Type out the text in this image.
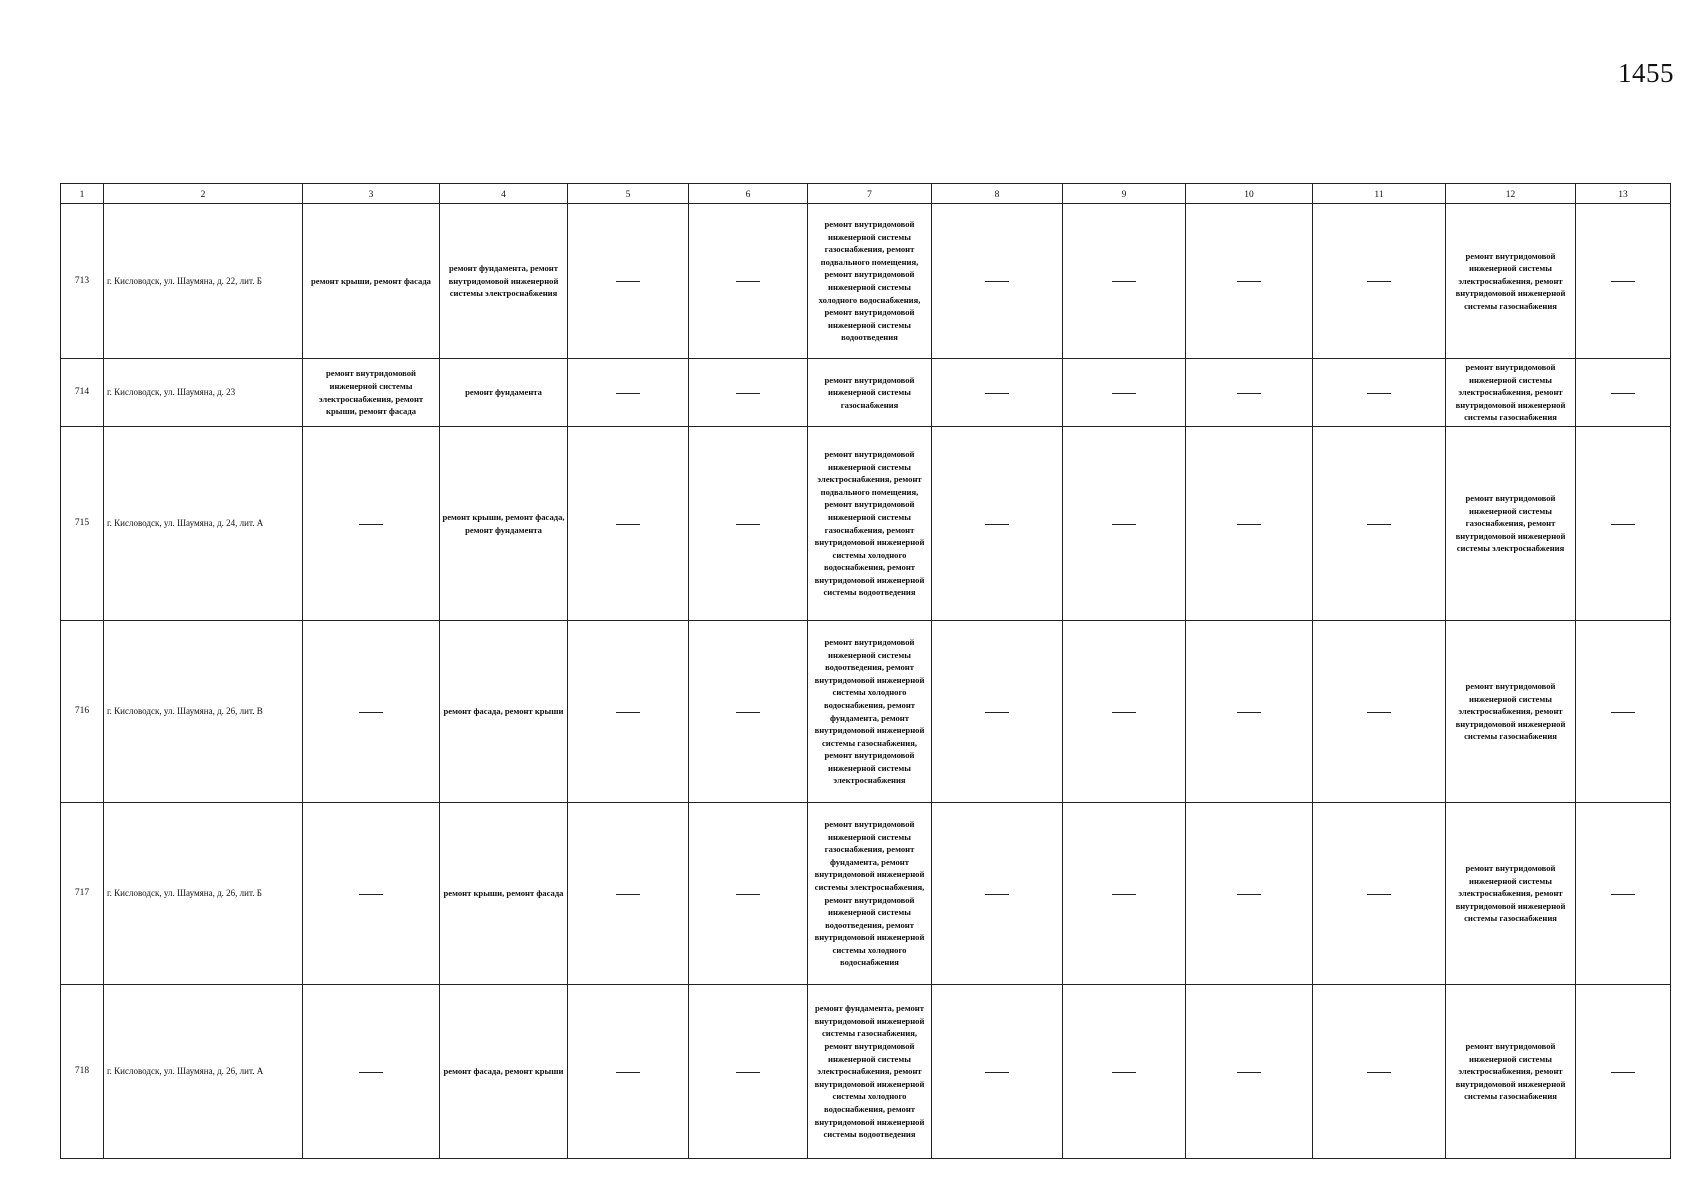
1455
1	2	3	4	5	6	7	8	9	10	11	12	13
713	г. Кисловодск, ул. Шаумяна, д. 22, лит. Б	ремонт крыши, ремонт фасада	ремонт фундамента, ремонт внутридомовой инженерной системы электроснабжения			ремонт внутридомовой инженерной системы газоснабжения, ремонт подвального помещения, ремонт внутридомовой инженерной системы холодного водоснабжения, ремонт внутридомовой инженерной системы водоотведения					ремонт внутридомовой инженерной системы электроснабжения, ремонт внутридомовой инженерной системы газоснабжения	
714	г. Кисловодск, ул. Шаумяна, д. 23	ремонт внутридомовой инженерной системы электроснабжения, ремонт крыши, ремонт фасада	ремонт фундамента			ремонт внутридомовой инженерной системы газоснабжения					ремонт внутридомовой инженерной системы электроснабжения, ремонт внутридомовой инженерной системы газоснабжения	
715	г. Кисловодск, ул. Шаумяна, д. 24, лит. А		ремонт крыши, ремонт фасада, ремонт фундамента			ремонт внутридомовой инженерной системы электроснабжения, ремонт подвального помещения, ремонт внутридомовой инженерной системы газоснабжения, ремонт внутридомовой инженерной системы холодного водоснабжения, ремонт внутридомовой инженерной системы водоотведения					ремонт внутридомовой инженерной системы газоснабжения, ремонт внутридомовой инженерной системы электроснабжения	
716	г. Кисловодск, ул. Шаумяна, д. 26, лит. В		ремонт фасада, ремонт крыши			ремонт внутридомовой инженерной системы водоотведения, ремонт внутридомовой инженерной системы холодного водоснабжения, ремонт фундамента, ремонт внутридомовой инженерной системы газоснабжения, ремонт внутридомовой инженерной системы электроснабжения					ремонт внутридомовой инженерной системы электроснабжения, ремонт внутридомовой инженерной системы газоснабжения	
717	г. Кисловодск, ул. Шаумяна, д. 26, лит. Б		ремонт крыши, ремонт фасада			ремонт внутридомовой инженерной системы газоснабжения, ремонт фундамента, ремонт внутридомовой инженерной системы электроснабжения, ремонт внутридомовой инженерной системы водоотведения, ремонт внутридомовой инженерной системы холодного водоснабжения					ремонт внутридомовой инженерной системы электроснабжения, ремонт внутридомовой инженерной системы газоснабжения	
718	г. Кисловодск, ул. Шаумяна, д. 26, лит. А		ремонт фасада, ремонт крыши			ремонт фундамента, ремонт внутридомовой инженерной системы газоснабжения, ремонт внутридомовой инженерной системы электроснабжения, ремонт внутридомовой инженерной системы холодного водоснабжения, ремонт внутридомовой инженерной системы водоотведения					ремонт внутридомовой инженерной системы электроснабжения, ремонт внутридомовой инженерной системы газоснабжения	
